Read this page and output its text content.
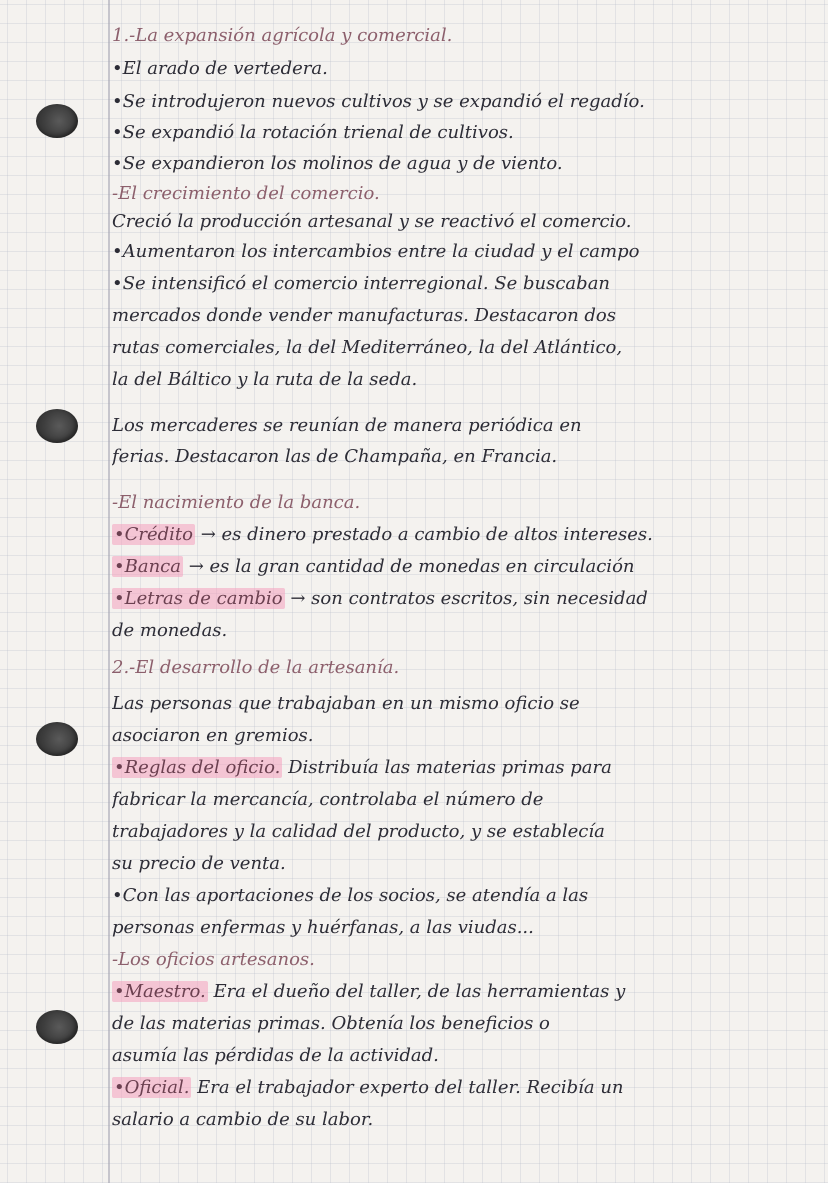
1.-La expansión agrícola y comercial.
•El arado de vertedera.
•Se introdujeron nuevos cultivos y se expandió el regadío.
•Se expandió la rotación trienal de cultivos.
•Se expandieron los molinos de agua y de viento.
-El crecimiento del comercio.
Creció la producción artesanal y se reactivó el comercio.
•Aumentaron los intercambios entre la ciudad y el campo
•Se intensificó el comercio interregional. Se buscaban
mercados donde vender manufacturas. Destacaron dos
rutas comerciales, la del Mediterráneo, la del Atlántico,
la del Báltico y la ruta de la seda.
Los mercaderes se reunían de manera periódica en
ferias. Destacaron las de Champaña, en Francia.
-El nacimiento de la banca.
•Crédito → es dinero prestado a cambio de altos intereses.
•Banca → es la gran cantidad de monedas en circulación
•Letras de cambio → son contratos escritos, sin necesidad
de monedas.
2.-El desarrollo de la artesanía.
Las personas que trabajaban en un mismo oficio se
asociaron en gremios.
•Reglas del oficio. Distribuía las materias primas para
fabricar la mercancía, controlaba el número de
trabajadores y la calidad del producto, y se establecía
su precio de venta.
•Con las aportaciones de los socios, se atendía a las
personas enfermas y huérfanas, a las viudas...
-Los oficios artesanos.
•Maestro. Era el dueño del taller, de las herramientas y
de las materias primas. Obtenía los beneficios o
asumía las pérdidas de la actividad.
•Oficial. Era el trabajador experto del taller. Recibía un
salario a cambio de su labor.
